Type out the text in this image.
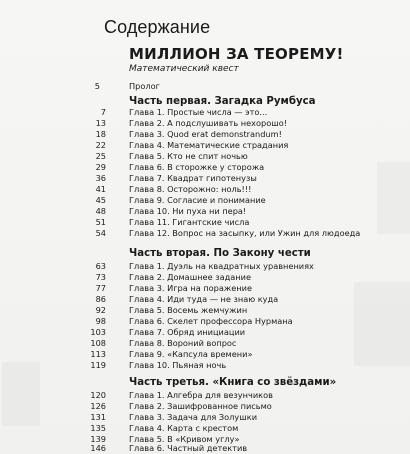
Содержание
МИЛЛИОН ЗА ТЕОРЕМУ!
Математический квест
5	Пролог
Часть первая. Загадка Румбуса
7	Глава 1. Простые числа — это...
13	Глава 2. А подслушивать нехорошо!
18	Глава 3. Quod erat demonstrandum!
22	Глава 4. Математические страдания
25	Глава 5. Кто не спит ночью
29	Глава 6. В сторожке у сторожа
36	Глава 7. Квадрат гипотенузы
41	Глава 8. Осторожно: ноль!!!
45	Глава 9. Согласие и понимание
48	Глава 10. Ни пуха ни пера!
51	Глава 11. Гигантские числа
54	Глава 12. Вопрос на засыпку, или Ужин для людоеда
Часть вторая. По Закону чести
63	Глава 1. Дуэль на квадратных уравнениях
73	Глава 2. Домашнее задание
77	Глава 3. Игра на поражение
86	Глава 4. Иди туда — не знаю куда
92	Глава 5. Восемь жемчужин
98	Глава 6. Скелет профессора Нурмана
103	Глава 7. Обряд инициации
108	Глава 8. Вороний вопрос
113	Глава 9. «Капсула времени»
119	Глава 10. Пьяная ночь
Часть третья. «Книга со звёздами»
120	Глава 1. Алгебра для везунчиков
126	Глава 2. Зашифрованное письмо
131	Глава 3. Задача для Золушки
135	Глава 4. Карта с крестом
139	Глава 5. В «Кривом углу»
146	Глава 6. Частный детектив
